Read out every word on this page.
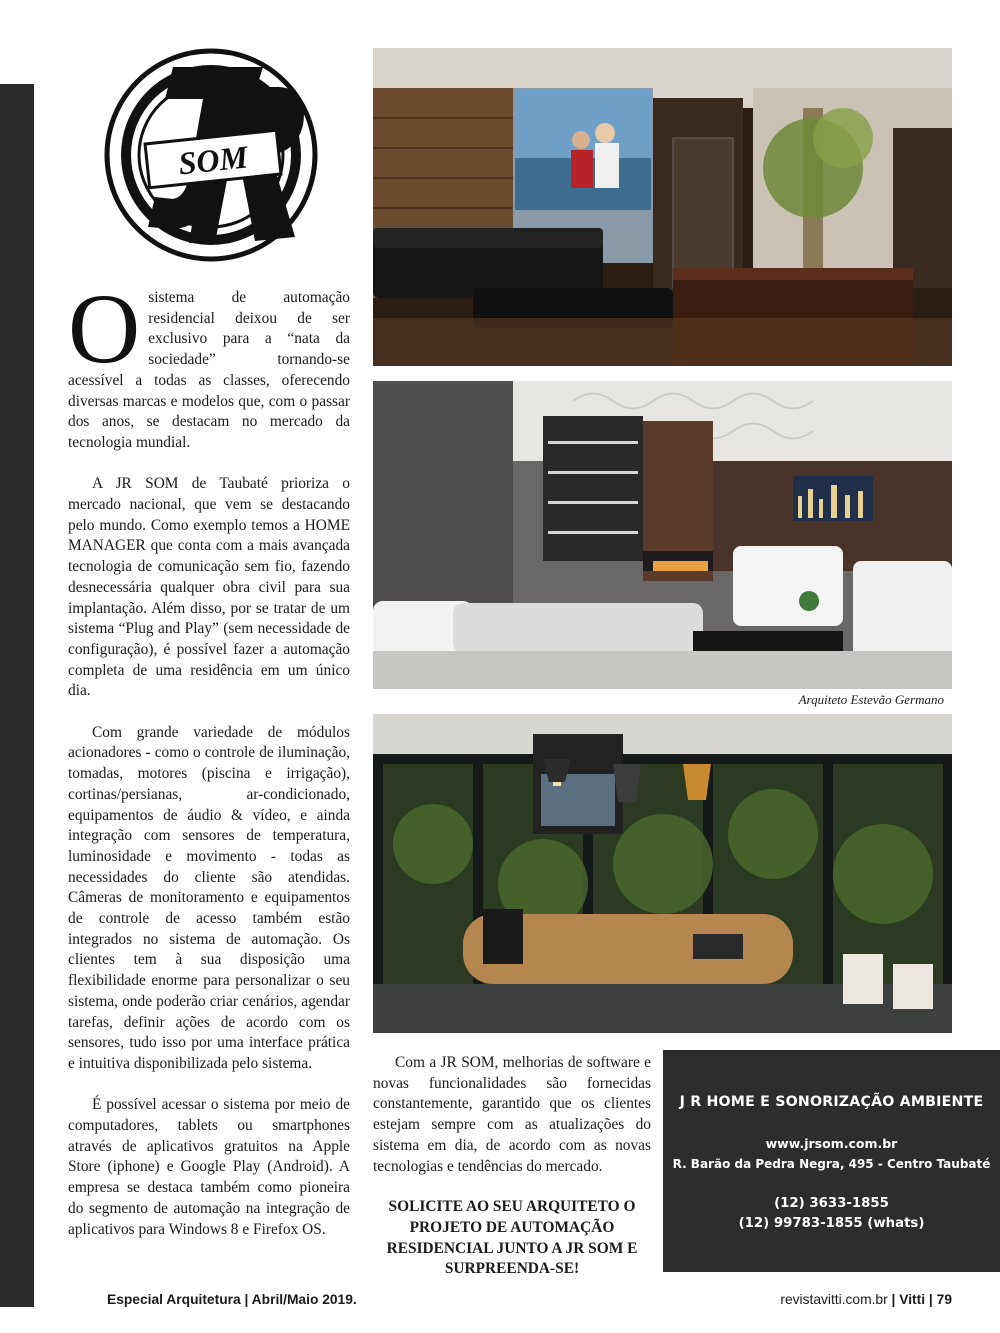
SOM

Osistema de automação residencial deixou de ser exclusivo para a “nata da sociedade” tornando-se acessível a todas as classes, oferecendo diversas marcas e modelos que, com o passar dos anos, se destacam no mercado da tecnologia mundial.

A JR SOM de Taubaté prioriza o mercado nacional, que vem se destacando pelo mundo. Como exemplo temos a HOME MANAGER que conta com a mais avançada tecnologia de comunicação sem fio, fazendo desnecessária qualquer obra civil para sua implantação. Além disso, por se tratar de um sistema “Plug and Play” (sem necessidade de configuração), é possível fazer a automação completa de uma residência em um único dia.

Com grande variedade de módulos acionadores - como o controle de iluminação, tomadas, motores (piscina e irrigação), cortinas/persianas, ar-condicionado, equipamentos de áudio & vídeo, e ainda integração com sensores de temperatura, luminosidade e movimento - todas as necessidades do cliente são atendidas. Câmeras de monitoramento e equipamentos de controle de acesso também estão integrados no sistema de automação. Os clientes tem à sua disposição uma flexibilidade enorme para personalizar o seu sistema, onde poderão criar cenários, agendar tarefas, definir ações de acordo com os sensores, tudo isso por uma interface prática e intuitiva disponibilizada pelo sistema.

É possível acessar o sistema por meio de computadores, tablets ou smartphones através de aplicativos gratuitos na Apple Store (iphone) e Google Play (Android). A empresa se destaca também como pioneira do segmento de automação na integração de aplicativos para Windows 8 e Firefox OS.

Arquiteto Estevão Germano

Com a JR SOM, melhorias de software e novas funcionalidades são fornecidas constantemente, garantido que os clientes estejam sempre com as atualizações do sistema em dia, de acordo com as novas tecnologias e tendências do mercado.

SOLICITE AO SEU ARQUITETO O PROJETO DE AUTOMAÇÃO RESIDENCIAL JUNTO A JR SOM E SURPREENDA-SE!

J R HOME E SONORIZAÇÃO AMBIENTE
www.jrsom.com.br
R. Barão da Pedra Negra, 495 - Centro Taubaté
(12) 3633-1855
(12) 99783-1855 (whats)
Especial Arquitetura | Abril/Maio 2019.	revistavitti.com.br | Vitti | 79
